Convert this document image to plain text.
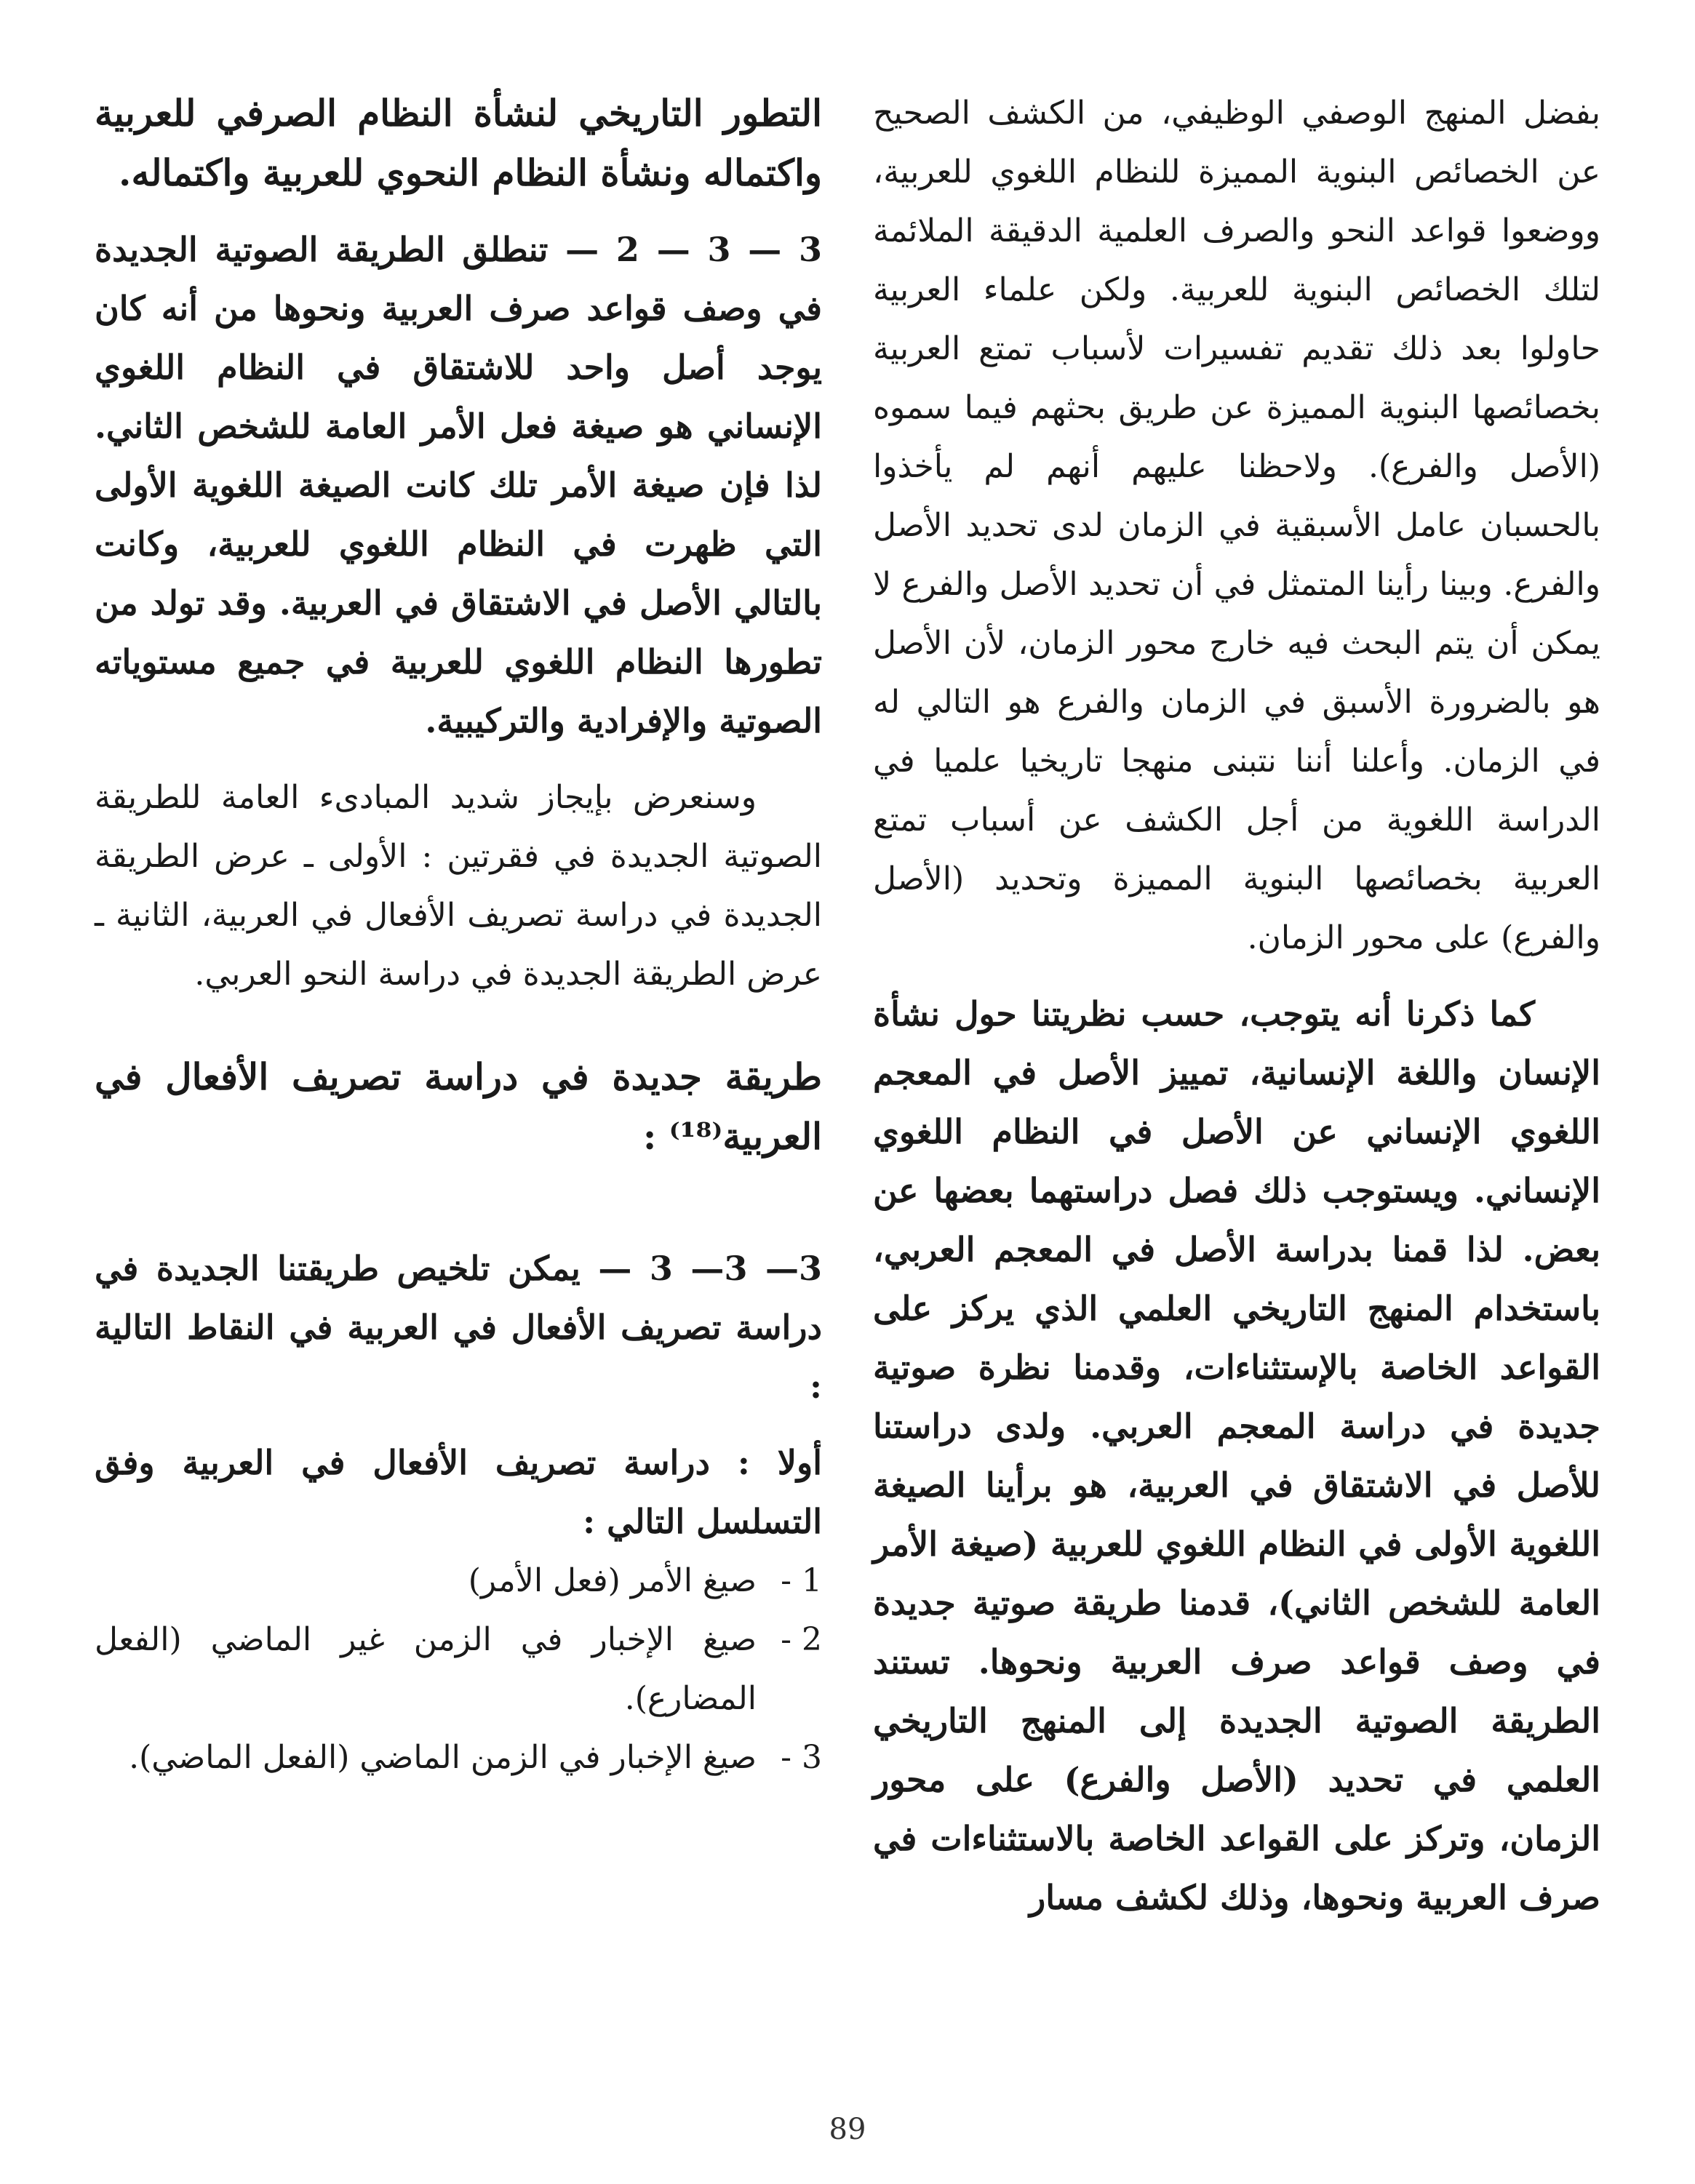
بفضل المنهج الوصفي الوظيفي، من الكشف الصحيح عن الخصائص البنوية المميزة للنظام اللغوي للعربية، ووضعوا قواعد النحو والصرف العلمية الدقيقة الملائمة لتلك الخصائص البنوية للعربية. ولكن علماء العربية حاولوا بعد ذلك تقديم تفسيرات لأسباب تمتع العربية بخصائصها البنوية المميزة عن طريق بحثهم فيما سموه (الأصل والفرع). ولاحظنا عليهم أنهم لم يأخذوا بالحسبان عامل الأسبقية في الزمان لدى تحديد الأصل والفرع. وبينا رأينا المتمثل في أن تحديد الأصل والفرع لا يمكن أن يتم البحث فيه خارج محور الزمان، لأن الأصل هو بالضرورة الأسبق في الزمان والفرع هو التالي له في الزمان. وأعلنا أننا نتبنى منهجا تاريخيا علميا في الدراسة اللغوية من أجل الكشف عن أسباب تمتع العربية بخصائصها البنوية المميزة وتحديد (الأصل والفرع) على محور الزمان.

كما ذكرنا أنه يتوجب، حسب نظريتنا حول نشأة الإنسان واللغة الإنسانية، تمييز الأصل في المعجم اللغوي الإنساني عن الأصل في النظام اللغوي الإنساني. ويستوجب ذلك فصل دراستهما بعضها عن بعض. لذا قمنا بدراسة الأصل في المعجم العربي، باستخدام المنهج التاريخي العلمي الذي يركز على القواعد الخاصة بالإستثناءات، وقدمنا نظرة صوتية جديدة في دراسة المعجم العربي. ولدى دراستنا للأصل في الاشتقاق في العربية، هو برأينا الصيغة اللغوية الأولى في النظام اللغوي للعربية (صيغة الأمر العامة للشخص الثاني)، قدمنا طريقة صوتية جديدة في وصف قواعد صرف العربية ونحوها. تستند الطريقة الصوتية الجديدة إلى المنهج التاريخي العلمي في تحديد (الأصل والفرع) على محور الزمان، وتركز على القواعد الخاصة بالاستثناءات في صرف العربية ونحوها، وذلك لكشف مسار

التطور التاريخي لنشأة النظام الصرفي للعربية واكتماله ونشأة النظام النحوي للعربية واكتماله.

3 — 3 — 2 — تنطلق الطريقة الصوتية الجديدة في وصف قواعد صرف العربية ونحوها من أنه كان يوجد أصل واحد للاشتقاق في النظام اللغوي الإنساني هو صيغة فعل الأمر العامة للشخص الثاني. لذا فإن صيغة الأمر تلك كانت الصيغة اللغوية الأولى التي ظهرت في النظام اللغوي للعربية، وكانت بالتالي الأصل في الاشتقاق في العربية. وقد تولد من تطورها النظام اللغوي للعربية في جميع مستوياته الصوتية والإفرادية والتركيبية.

وسنعرض بإيجاز شديد المبادىء العامة للطريقة الصوتية الجديدة في فقرتين : الأولى ـ عرض الطريقة الجديدة في دراسة تصريف الأفعال في العربية، الثانية ـ عرض الطريقة الجديدة في دراسة النحو العربي.

طريقة جديدة في دراسة تصريف الأفعال في العربية⁽¹⁸⁾ :

3— 3— 3 — يمكن تلخيص طريقتنا الجديدة في دراسة تصريف الأفعال في العربية في النقاط التالية :

أولا : دراسة تصريف الأفعال في العربية وفق التسلسل التالي :

1 -صيغ الأمر (فعل الأمر)
2 -صيغ الإخبار في الزمن غير الماضي (الفعل المضارع).
3 -صيغ الإخبار في الزمن الماضي (الفعل الماضي).
89
